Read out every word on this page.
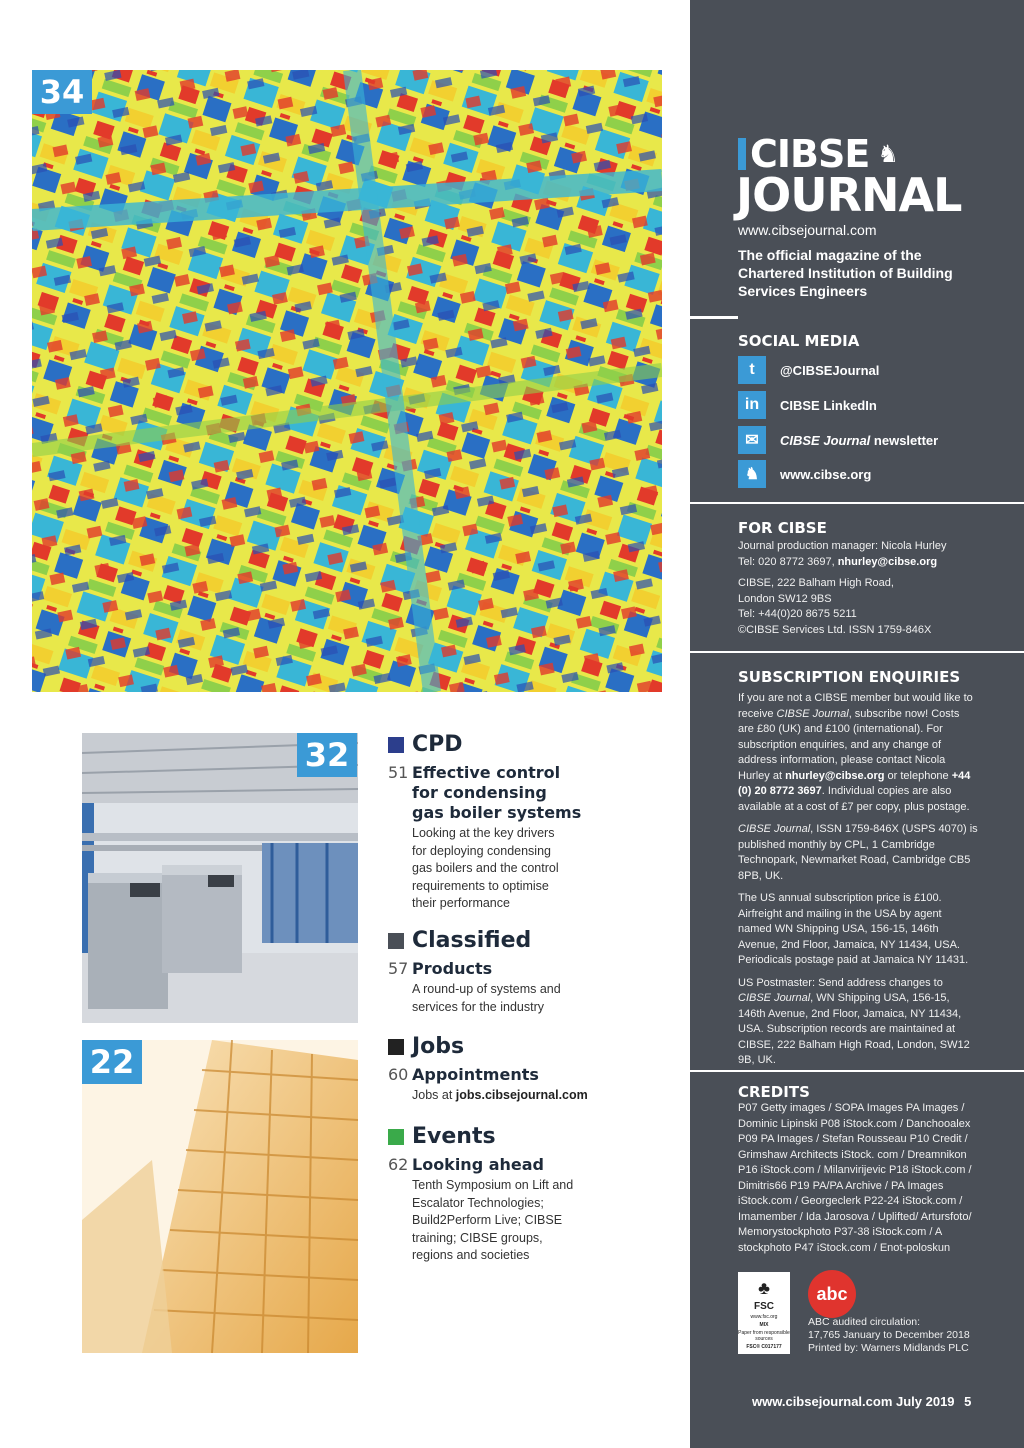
34
32
22
CPD
51 Effective control for condensing gas boiler systems
Looking at the key drivers for deploying condensing gas boilers and the control requirements to optimise their performance
Classified
57 Products
A round-up of systems and services for the industry
Jobs
60 Appointments
Jobs at jobs.cibsejournal.com
Events
62 Looking ahead
Tenth Symposium on Lift and Escalator Technologies; Build2Perform Live; CIBSE training; CIBSE groups, regions and societies
CIBSE ♞
JOURNAL
www.cibsejournal.com
The official magazine of the Chartered Institution of Building Services Engineers
SOCIAL MEDIA
t	@CIBSEJournal
in	CIBSE LinkedIn
✉	CIBSE Journal newsletter
♞	www.cibse.org
FOR CIBSE
Journal production manager: Nicola Hurley
Tel: 020 8772 3697, nhurley@cibse.org
CIBSE, 222 Balham High Road,
London SW12 9BS
Tel: +44(0)20 8675 5211
©CIBSE Services Ltd. ISSN 1759-846X
SUBSCRIPTION ENQUIRIES

If you are not a CIBSE member but would like to receive CIBSE Journal, subscribe now! Costs are £80 (UK) and £100 (international). For subscription enquiries, and any change of address information, please contact Nicola Hurley at nhurley@cibse.org or telephone +44 (0) 20 8772 3697. Individual copies are also available at a cost of £7 per copy, plus postage.

CIBSE Journal, ISSN 1759-846X (USPS 4070) is published monthly by CPL, 1 Cambridge Technopark, Newmarket Road, Cambridge CB5 8PB, UK.

The US annual subscription price is £100. Airfreight and mailing in the USA by agent named WN Shipping USA, 156-15, 146th Avenue, 2nd Floor, Jamaica, NY 11434, USA. Periodicals postage paid at Jamaica NY 11431.

US Postmaster: Send address changes to CIBSE Journal, WN Shipping USA, 156-15, 146th Avenue, 2nd Floor, Jamaica, NY 11434, USA. Subscription records are maintained at CIBSE, 222 Balham High Road, London, SW12 9B, UK.

CREDITS
P07 Getty images / SOPA Images PA Images / Dominic Lipinski P08 iStock.com / Danchooalex P09 PA Images / Stefan Rousseau P10 Credit / Grimshaw Architects iStock. com / Dreamnikon P16 iStock.com / Milanvirijevic P18 iStock.com / Dimitris66 P19 PA/PA Archive / PA Images iStock.com / Georgeclerk P22-24 iStock.com / Imamember / Ida Jarosova / Uplifted/ Artursfoto/ Memorystockphoto P37-38 iStock.com / A stockphoto P47 iStock.com / Enot-poloskun
♣
FSC
www.fsc.org
MIX
Paper from responsible sources
FSC® C017177
abc
ABC audited circulation:
17,765 January to December 2018
Printed by: Warners Midlands PLC
www.cibsejournal.com July 2019 5
